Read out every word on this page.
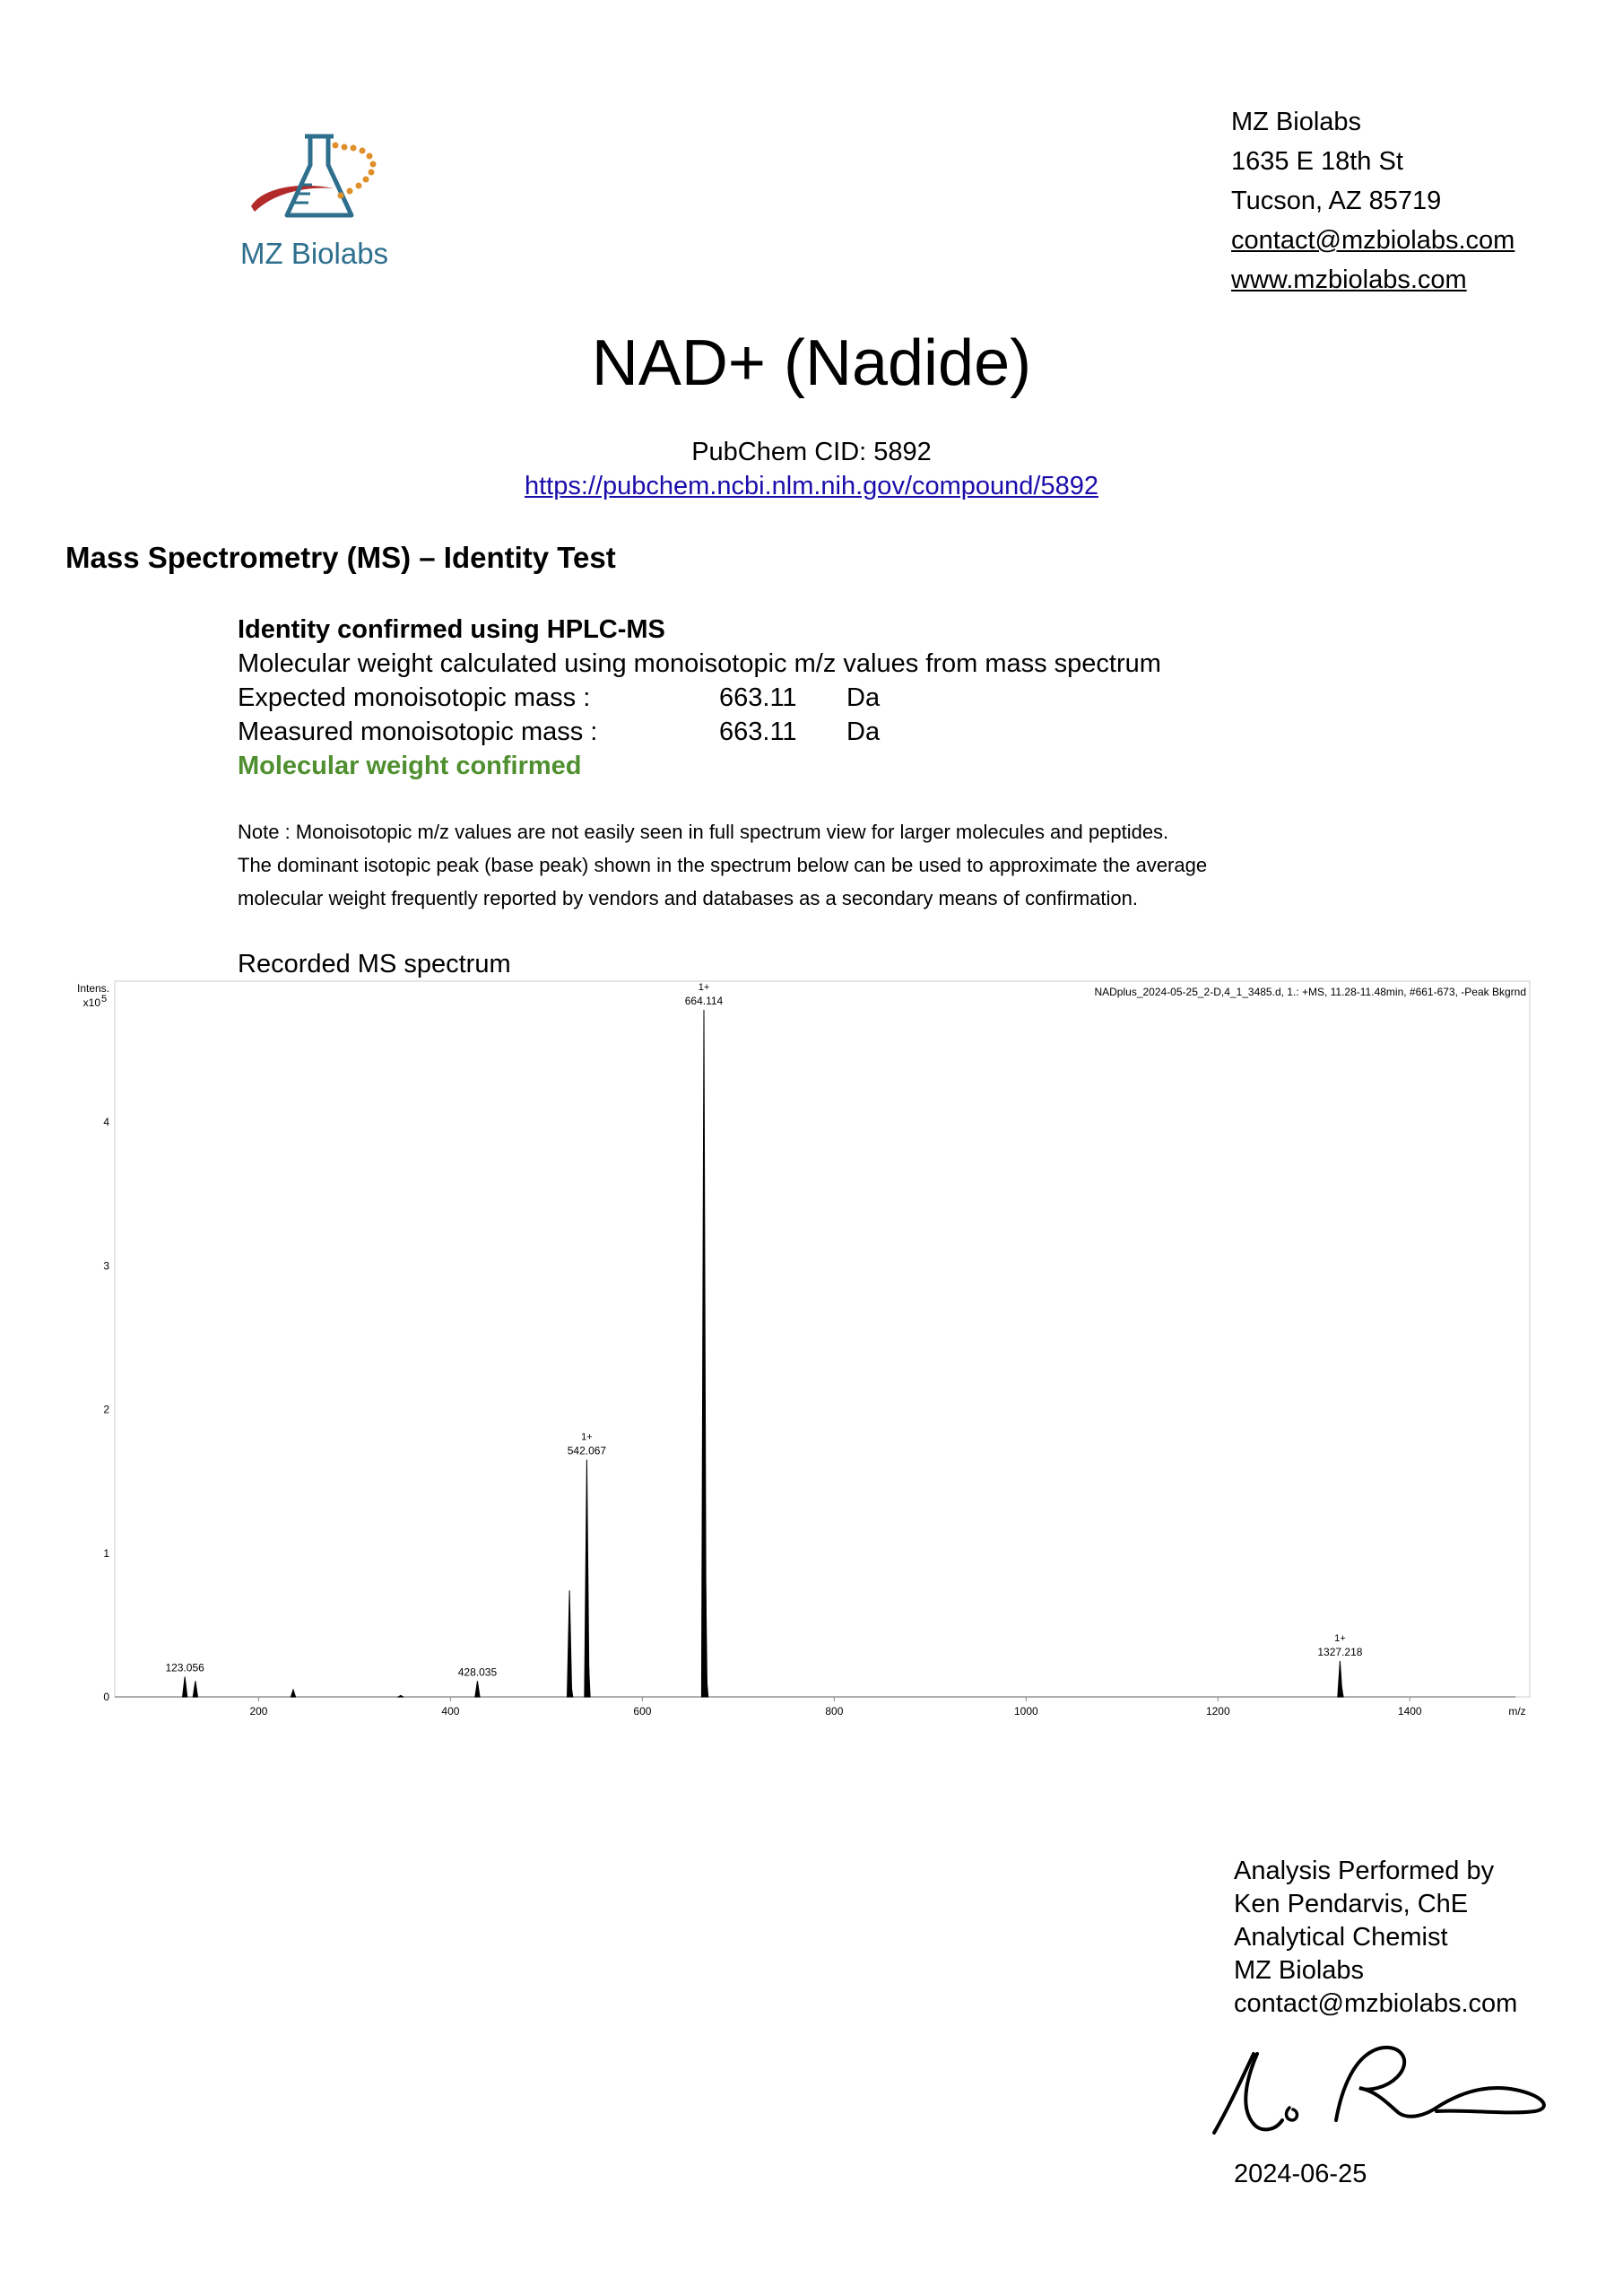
MZ Biolabs
MZ Biolabs
1635 E 18th St
Tucson, AZ 85719
contact@mzbiolabs.com
www.mzbiolabs.com
NAD+ (Nadide)
PubChem CID: 5892
https://pubchem.ncbi.nlm.nih.gov/compound/5892
Mass Spectrometry (MS) – Identity Test
Identity confirmed using HPLC-MS
Molecular weight calculated using monoisotopic m/z values from mass spectrum
Expected monoisotopic mass :	663.11 Da
Measured monoisotopic mass :	663.11 Da
Molecular weight confirmed
Note : Monoisotopic m/z values are not easily seen in full spectrum view for larger molecules and peptides.
The dominant isotopic peak (base peak) shown in the spectrum below can be used to approximate the average
molecular weight frequently reported by vendors and databases as a secondary means of confirmation.
Recorded MS spectrum
Intens.
x10 5
m/z
NADplus_2024-05-25_2-D,4_1_3485.d, 1.: +MS, 11.28-11.48min, #661-673, -Peak Bkgrnd
200	400	600	800	1000	1200	1400
0
1
2
3
4
123.056	428.035
542.067
1+
664.114
1+
1327.218
1+
Analysis Performed by
Ken Pendarvis, ChE
Analytical Chemist
MZ Biolabs
contact@mzbiolabs.com
2024-06-25
